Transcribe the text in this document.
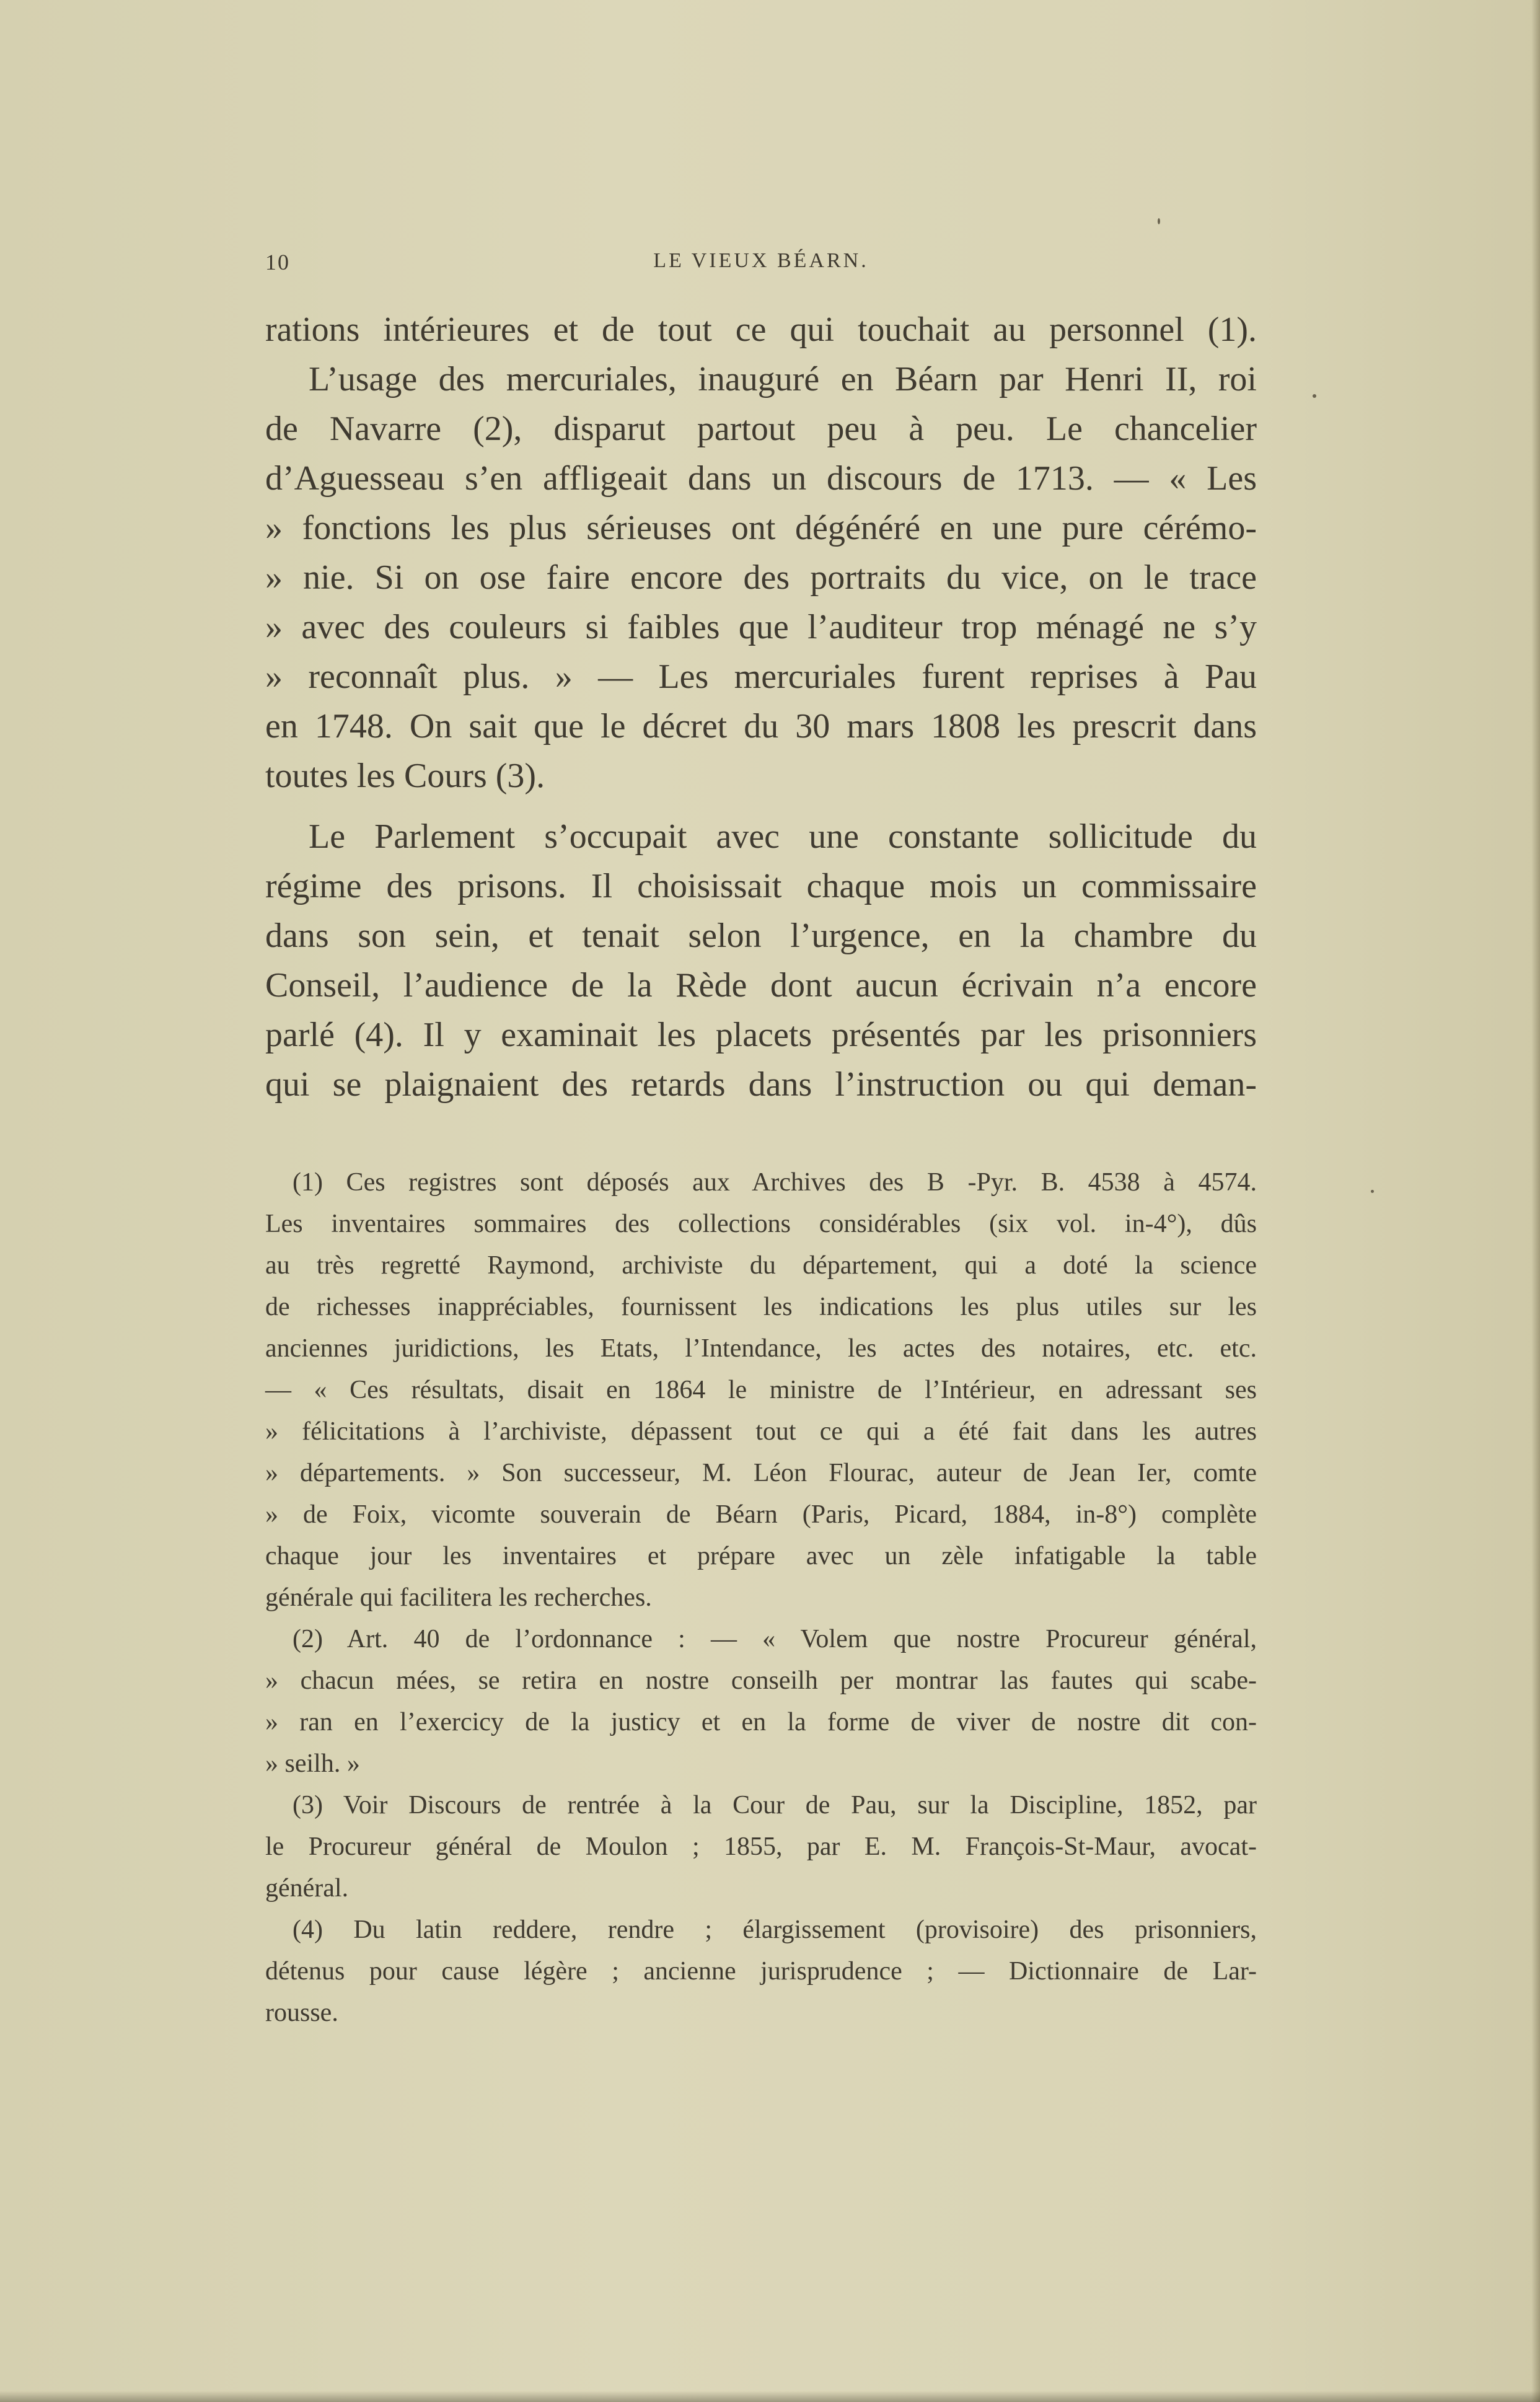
10	LE VIEUX BÉARN.
rations intérieures et de tout ce qui touchait au personnel (1).
L’usage des mercuriales, inauguré en Béarn par Henri II, roi
de Navarre (2), disparut partout peu à peu. Le chancelier
d’Aguesseau s’en affligeait dans un discours de 1713. — « Les
» fonctions les plus sérieuses ont dégénéré en une pure cérémo-
» nie. Si on ose faire encore des portraits du vice, on le trace
» avec des couleurs si faibles que l’auditeur trop ménagé ne s’y
» reconnaît plus. » — Les mercuriales furent reprises à Pau
en 1748. On sait que le décret du 30 mars 1808 les prescrit dans
toutes les Cours (3).
Le Parlement s’occupait avec une constante sollicitude du
régime des prisons. Il choisissait chaque mois un commissaire
dans son sein, et tenait selon l’urgence, en la chambre du
Conseil, l’audience de la Rède dont aucun écrivain n’a encore
parlé (4). Il y examinait les placets présentés par les prisonniers
qui se plaignaient des retards dans l’instruction ou qui deman-
(1) Ces registres sont déposés aux Archives des B -Pyr. B. 4538 à 4574.
Les inventaires sommaires des collections considérables (six vol. in-4°), dûs
au très regretté Raymond, archiviste du département, qui a doté la science
de richesses inappréciables, fournissent les indications les plus utiles sur les
anciennes juridictions, les Etats, l’Intendance, les actes des notaires, etc. etc.
— « Ces résultats, disait en 1864 le ministre de l’Intérieur, en adressant ses
» félicitations à l’archiviste, dépassent tout ce qui a été fait dans les autres
» départements. » Son successeur, M. Léon Flourac, auteur de Jean Ier, comte
» de Foix, vicomte souverain de Béarn (Paris, Picard, 1884, in-8°) complète
chaque jour les inventaires et prépare avec un zèle infatigable la table
générale qui facilitera les recherches.
(2) Art. 40 de l’ordonnance : — « Volem que nostre Procureur général,
» chacun mées, se retira en nostre conseilh per montrar las fautes qui scabe-
» ran en l’exercicy de la justicy et en la forme de viver de nostre dit con-
» seilh. »
(3) Voir Discours de rentrée à la Cour de Pau, sur la Discipline, 1852, par
le Procureur général de Moulon ; 1855, par E. M. François-St-Maur, avocat-
général.
(4) Du latin reddere, rendre ; élargissement (provisoire) des prisonniers,
détenus pour cause légère ; ancienne jurisprudence ; — Dictionnaire de Lar-
rousse.
